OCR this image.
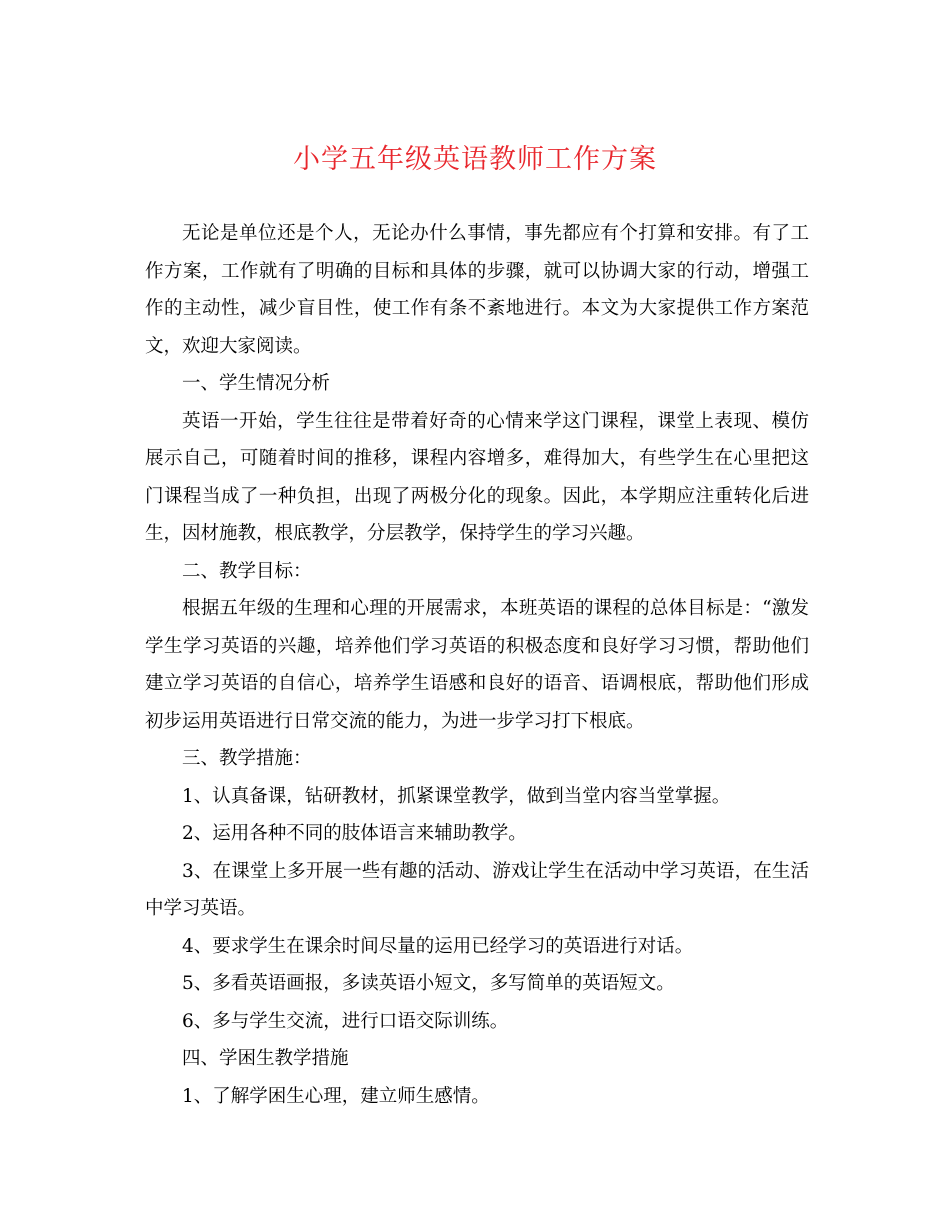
小学五年级英语教师工作方案

无论是单位还是个人，无论办什么事情，事先都应有个打算和安排。有了工作方案，工作就有了明确的目标和具体的步骤，就可以协调大家的行动，增强工作的主动性，减少盲目性，使工作有条不紊地进行。本文为大家提供工作方案范文，欢迎大家阅读。

一、学生情况分析

英语一开始，学生往往是带着好奇的心情来学这门课程，课堂上表现、模仿展示自己，可随着时间的推移，课程内容增多，难得加大，有些学生在心里把这门课程当成了一种负担，出现了两极分化的现象。因此，本学期应注重转化后进生，因材施教，根底教学，分层教学，保持学生的学习兴趣。

二、教学目标：

根据五年级的生理和心理的开展需求，本班英语的课程的总体目标是：“激发学生学习英语的兴趣，培养他们学习英语的积极态度和良好学习习惯，帮助他们建立学习英语的自信心，培养学生语感和良好的语音、语调根底，帮助他们形成初步运用英语进行日常交流的能力，为进一步学习打下根底。

三、教学措施：

1、认真备课，钻研教材，抓紧课堂教学，做到当堂内容当堂掌握。

2、运用各种不同的肢体语言来辅助教学。

3、在课堂上多开展一些有趣的活动、游戏让学生在活动中学习英语，在生活中学习英语。

4、要求学生在课余时间尽量的运用已经学习的英语进行对话。

5、多看英语画报，多读英语小短文，多写简单的英语短文。

6、多与学生交流，进行口语交际训练。

四、学困生教学措施

1、了解学困生心理，建立师生感情。
